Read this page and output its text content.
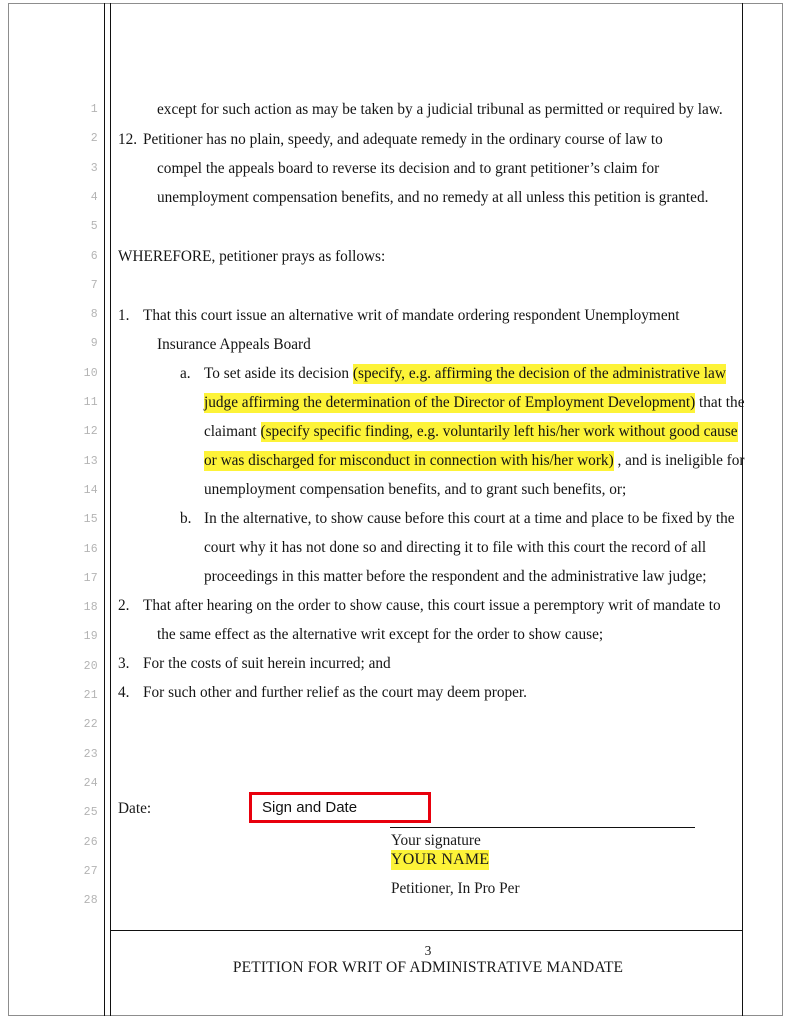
1
2
3
4
5
6
7
8
9
10
11
12
13
14
15
16
17
18
19
20
21
22
23
24
25
26
27
28
except for such action as may be taken by a judicial tribunal as permitted or required by law.
12. Petitioner has no plain, speedy, and adequate remedy in the ordinary course of law to
compel the appeals board to reverse its decision and to grant petitioner’s claim for
unemployment compensation benefits, and no remedy at all unless this petition is granted.
WHEREFORE, petitioner prays as follows:
1. That this court issue an alternative writ of mandate ordering respondent Unemployment
Insurance Appeals Board
a. To set aside its decision (specify, e.g. affirming the decision of the administrative law
judge affirming the determination of the Director of Employment Development) that the
claimant (specify specific finding, e.g. voluntarily left his/her work without good cause
or was discharged for misconduct in connection with his/her work) , and is ineligible for
unemployment compensation benefits, and to grant such benefits, or;
b. In the alternative, to show cause before this court at a time and place to be fixed by the
court why it has not done so and directing it to file with this court the record of all
proceedings in this matter before the respondent and the administrative law judge;
2. That after hearing on the order to show cause, this court issue a peremptory writ of mandate to
the same effect as the alternative writ except for the order to show cause;
3. For the costs of suit herein incurred; and
4. For such other and further relief as the court may deem proper.
Date:	Sign and Date
Your signature
YOUR NAME
Petitioner, In Pro Per
3
PETITION FOR WRIT OF ADMINISTRATIVE MANDATE
